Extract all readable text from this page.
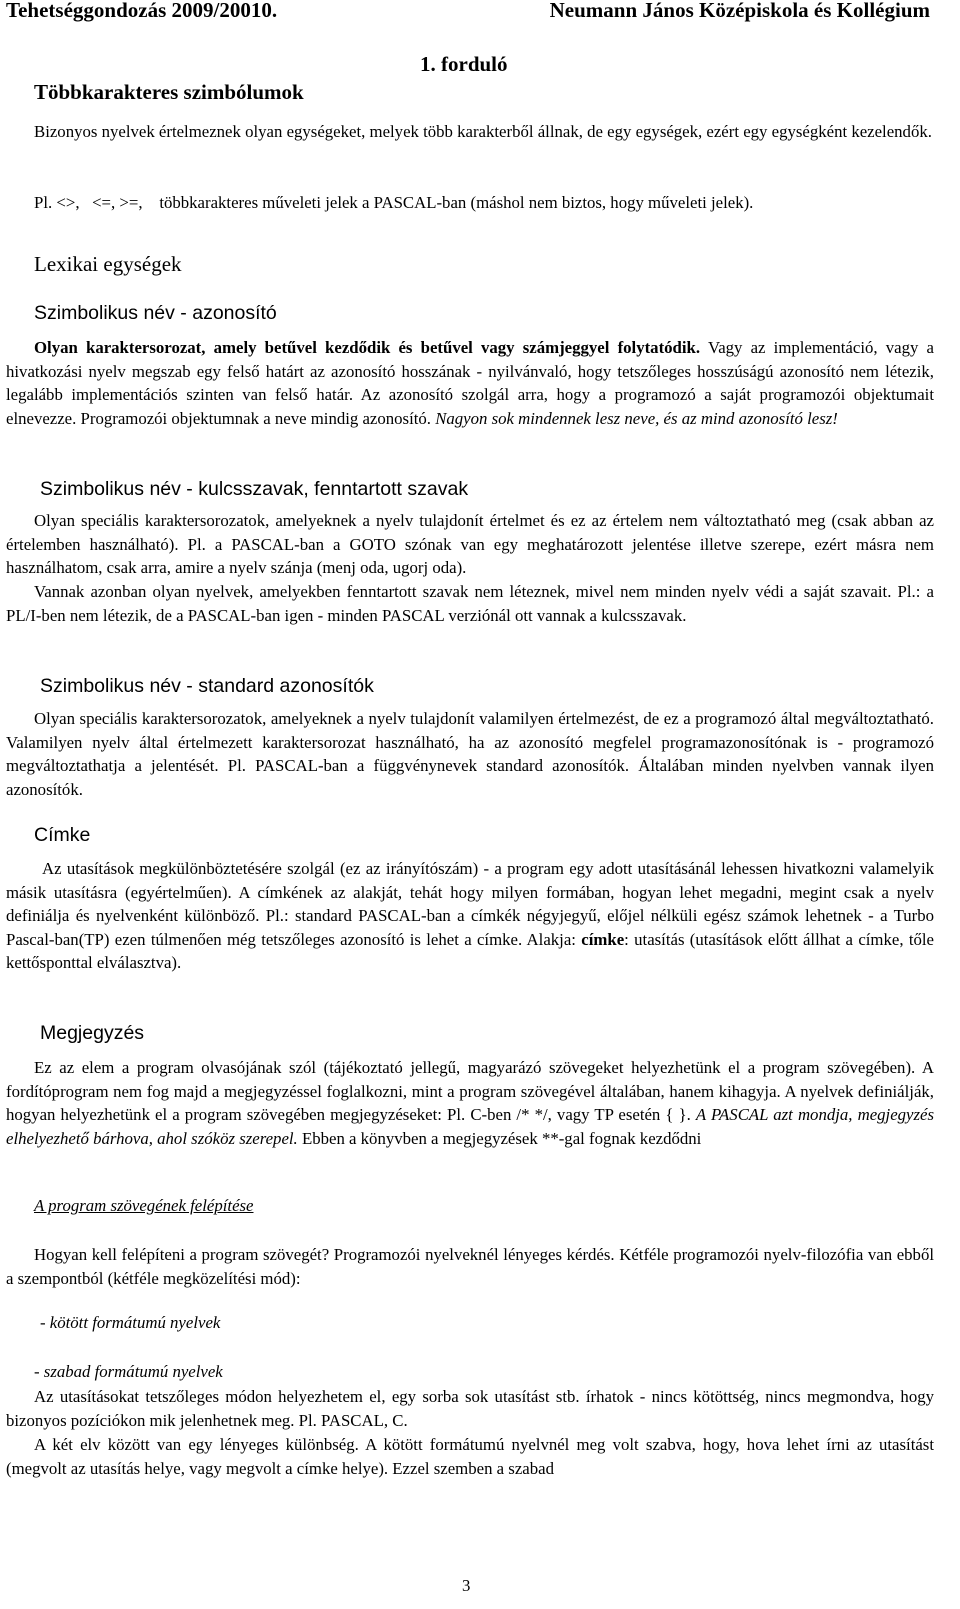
Tehetséggondozás 2009/20010.	Neumann János Középiskola és Kollégium
1. forduló
Többkarakteres szimbólumok
Bizonyos nyelvek értelmeznek olyan egységeket, melyek több karakterből állnak, de egy egységek, ezért egy egységként kezelendők.
Pl. <>,   <=, >=,    többkarakteres műveleti jelek a PASCAL-ban (máshol nem biztos, hogy műveleti jelek).
Lexikai egységek
Szimbolikus név - azonosító
Olyan karaktersorozat, amely betűvel kezdődik és betűvel vagy számjeggyel folytatódik. Vagy az implementáció, vagy a hivatkozási nyelv megszab egy felső határt az azonosító hosszának - nyilvánvaló, hogy tetszőleges hosszúságú azonosító nem létezik, legalább implementációs szinten van felső határ. Az azonosító szolgál arra, hogy a programozó a saját programozói objektumait elnevezze. Programozói objektumnak a neve mindig azonosító. Nagyon sok mindennek lesz neve, és az mind azonosító lesz!
Szimbolikus név - kulcsszavak, fenntartott szavak
Olyan speciális karaktersorozatok, amelyeknek a nyelv tulajdonít értelmet és ez az értelem nem változtatható meg (csak abban az értelemben használható). Pl. a PASCAL-ban a GOTO szónak van egy meghatározott jelentése illetve szerepe, ezért másra nem használhatom, csak arra, amire a nyelv szánja (menj oda, ugorj oda).
Vannak azonban olyan nyelvek, amelyekben fenntartott szavak nem léteznek, mivel nem minden nyelv védi a saját szavait. Pl.: a PL/I-ben nem létezik, de a PASCAL-ban igen - minden PASCAL verziónál ott vannak a kulcsszavak.
Szimbolikus név - standard azonosítók
Olyan speciális karaktersorozatok, amelyeknek a nyelv tulajdonít valamilyen értelmezést, de ez a programozó által megváltoztatható. Valamilyen nyelv által értelmezett karaktersorozat használható, ha az azonosító megfelel programazonosítónak is - programozó megváltoztathatja a jelentését. Pl. PASCAL-ban a függvénynevek standard azonosítók. Általában minden nyelvben vannak ilyen azonosítók.
Címke
Az utasítások megkülönböztetésére szolgál (ez az irányítószám) - a program egy adott utasításánál lehessen hivatkozni valamelyik másik utasításra (egyértelműen). A címkének az alakját, tehát hogy milyen formában, hogyan lehet megadni, megint csak a nyelv definiálja és nyelvenként különböző. Pl.: standard PASCAL-ban a címkék négyjegyű, előjel nélküli egész számok lehetnek - a Turbo Pascal-ban(TP) ezen túlmenően még tetszőleges azonosító is lehet a címke. Alakja: címke: utasítás (utasítások előtt állhat a címke, tőle kettősponttal elválasztva).
Megjegyzés
Ez az elem a program olvasójának szól (tájékoztató jellegű, magyarázó szövegeket helyezhetünk el a program szövegében). A fordítóprogram nem fog majd a megjegyzéssel foglalkozni, mint a program szövegével általában, hanem kihagyja. A nyelvek definiálják, hogyan helyezhetünk el a program szövegében megjegyzéseket: Pl. C-ben /* */, vagy TP esetén { }. A PASCAL azt mondja, megjegyzés elhelyezhető bárhova, ahol szóköz szerepel. Ebben a könyvben a megjegyzések **-gal fognak kezdődni
A program szövegének felépítése
Hogyan kell felépíteni a program szövegét? Programozói nyelveknél lényeges kérdés. Kétféle programozói nyelv-filozófia van ebből a szempontból (kétféle megközelítési mód):
- kötött formátumú nyelvek
- szabad formátumú nyelvek
Az utasításokat tetszőleges módon helyezhetem el, egy sorba sok utasítást stb. írhatok - nincs kötöttség, nincs megmondva, hogy bizonyos pozíciókon mik jelenhetnek meg. Pl. PASCAL, C.
A két elv között van egy lényeges különbség. A kötött formátumú nyelvnél meg volt szabva, hogy, hova lehet írni az utasítást (megvolt az utasítás helye, vagy megvolt a címke helye). Ezzel szemben a szabad
3
